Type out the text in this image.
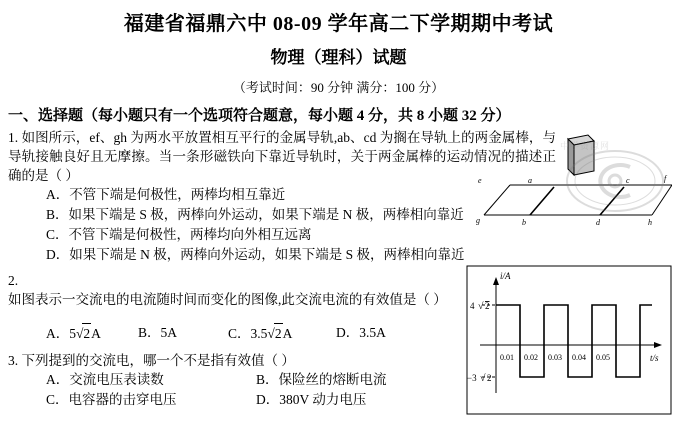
福建省福鼎六中 08-09 学年高二下学期期中考试
物理（理科）试题
（考试时间：90 分钟 满分：100 分）
一、选择题（每小题只有一个选项符合题意，每小题 4 分，共 8 小题 32 分）
1. 如图所示，ef、gh 为两水平放置相互平行的金属导轨,ab、cd 为搁在导轨上的两金属棒，与导轨接触良好且无摩擦。当一条形磁铁向下靠近导轨时，关于两金属棒的运动情况的描述正确的是（ ）
A．不管下端是何极性，两棒均相互靠近
B．如果下端是 S 极，两棒向外运动，如果下端是 N 极，两棒相向靠近
C．不管下端是何极性，两棒均向外相互远离
D．如果下端是 N 极，两棒向外运动，如果下端是 S 极，两棒相向靠近
2. 如图表示一交流电的电流随时间而变化的图像,此交流电流的有效值是（ ）
A．5 √ 2A	B．5A	C．3.5 √ 2A	D．3.5A
3. 下列提到的交流电，哪一个不是指有效值（ ）
A．交流电压表读数	B．保险丝的熔断电流
C．电容器的击穿电压	D．380V 动力电压
e	f
a
b
c
d
g	h
中学资源网
i/A
t/s
4 √ 2
−3 √ 2
0.01 0.02 0.03 0.04 0.05
